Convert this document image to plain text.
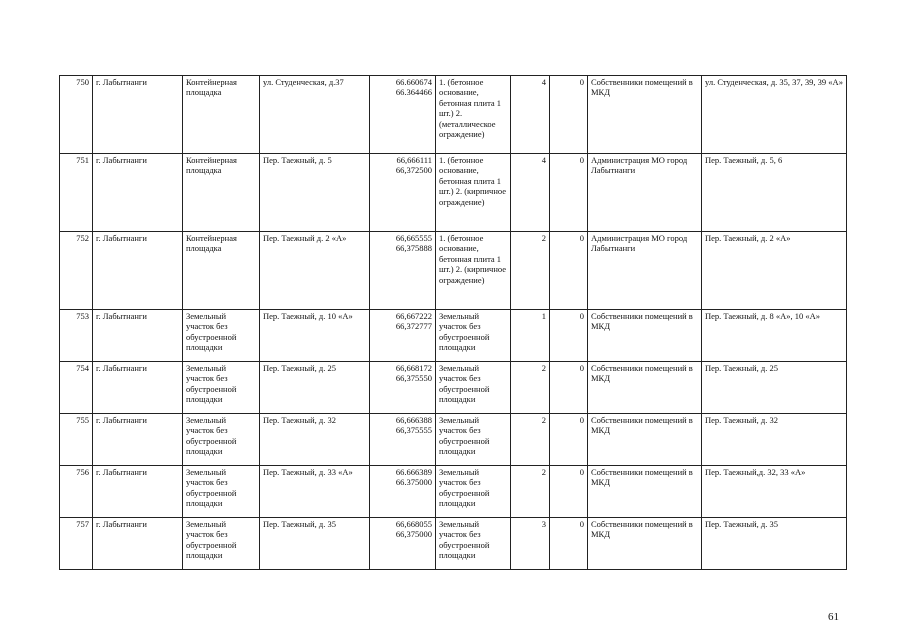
750	г. Лабытнанги	Контейнерная площадка	ул. Студенческая, д.37	66.660674 66.364466	1. (бетонное основание, бетонная плита 1 шт.) 2. (металлическое ограждение)	4	0	Собственники помещений в МКД	ул. Студенческая, д. 35, 37, 39, 39 «А»
751	г. Лабытнанги	Контейнерная площадка	Пер. Таежный, д. 5	66,666111 66,372500	1. (бетонное основание, бетонная плита 1 шт.) 2. (кирпичное ограждение)	4	0	Администрация МО город Лабытнанги	Пер. Таежный, д. 5, 6
752	г. Лабытнанги	Контейнерная площадка	Пер. Таежный д. 2 «А»	66,665555 66,375888	1. (бетонное основание, бетонная плита 1 шт.) 2. (кирпичное ограждение)	2	0	Администрация МО город Лабытнанги	Пер. Таежный, д. 2 «А»
753	г. Лабытнанги	Земельный участок без обустроенной площадки	Пер. Таежный, д. 10 «А»	66,667222 66,372777	Земельный участок без обустроенной площадки	1	0	Собственники помещений в МКД	Пер. Таежный, д. 8 «А», 10 «А»
754	г. Лабытнанги	Земельный участок без обустроенной площадки	Пер. Таежный, д. 25	66,668172 66,375550	Земельный участок без обустроенной площадки	2	0	Собственники помещений в МКД	Пер. Таежный, д. 25
755	г. Лабытнанги	Земельный участок без обустроенной площадки	Пер. Таежный, д. 32	66,666388 66,375555	Земельный участок без обустроенной площадки	2	0	Собственники помещений в МКД	Пер. Таежный, д. 32
756	г. Лабытнанги	Земельный участок без обустроенной площадки	Пер. Таежный, д. 33 «А»	66.666389 66.375000	Земельный участок без обустроенной площадки	2	0	Собственники помещений в МКД	Пер. Таежный,д. 32, 33 «А»
757	г. Лабытнанги	Земельный участок без обустроенной площадки	Пер. Таежный, д. 35	66,668055 66,375000	Земельный участок без обустроенной площадки	3	0	Собственники помещений в МКД	Пер. Таежный, д. 35
61
